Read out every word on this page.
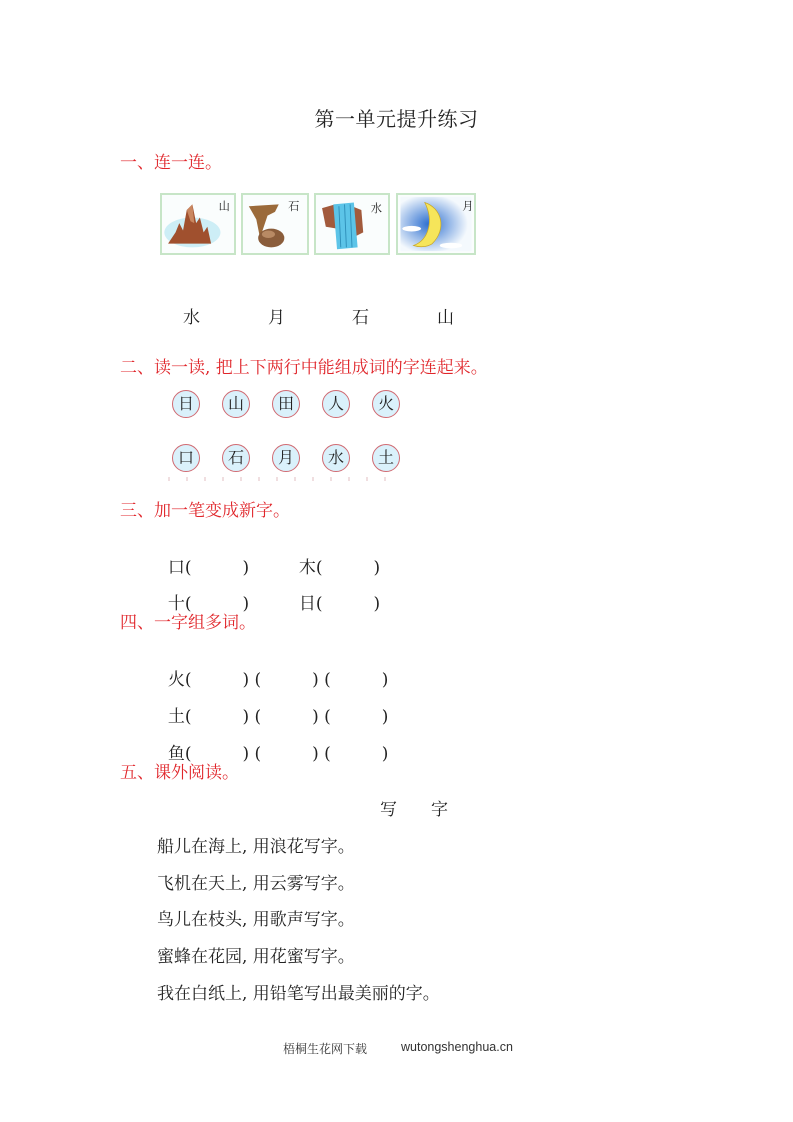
第一单元提升练习
一、连一连。
山	石	水	月
水	月	石	山
二、读一读, 把上下两行中能组成词的字连起来。
日	山	田	人	火
口	石	月	水	土
三、加一笔变成新字。

口(　　　)	木(　　　)

十(　　　)	日(　　　)

四、一字组多词。

火(　　　) (　　　) (　　　)

土(　　　) (　　　) (　　　)

鱼(　　　) (　　　) (　　　)

五、课外阅读。
写　　字
船儿在海上, 用浪花写字。
飞机在天上, 用云雾写字。
鸟儿在枝头, 用歌声写字。
蜜蜂在花园, 用花蜜写字。
我在白纸上, 用铅笔写出最美丽的字。
梧桐生花网下载	wutongshenghua.cn
